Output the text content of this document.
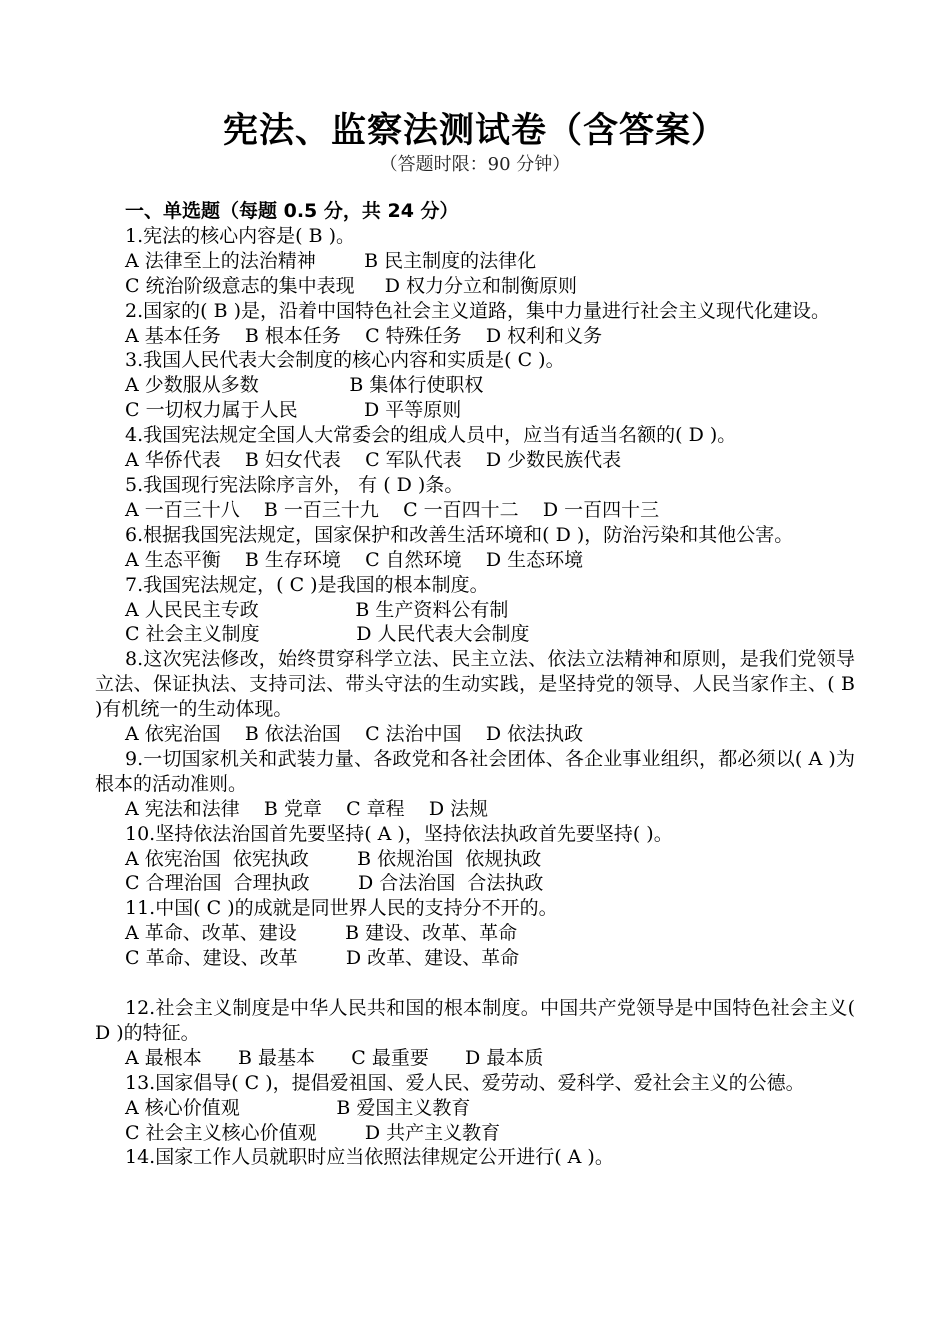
宪法、监察法测试卷（含答案）
（答题时限：90 分钟）
一、单选题（每题 0.5 分，共 24 分）

1.宪法的核心内容是( B )。

A 法律至上的法治精神        B 民主制度的法律化
C 统治阶级意志的集中表现     D 权力分立和制衡原则

2.国家的( B )是，沿着中国特色社会主义道路，集中力量进行社会主义现代化建设。

A 基本任务    B 根本任务    C 特殊任务    D 权利和义务

3.我国人民代表大会制度的核心内容和实质是( C )。

A 少数服从多数               B 集体行使职权
C 一切权力属于人民           D 平等原则

4.我国宪法规定全国人大常委会的组成人员中，应当有适当名额的( D )。

A 华侨代表    B 妇女代表    C 军队代表    D 少数民族代表

5.我国现行宪法除序言外， 有 ( D )条。

A 一百三十八    B 一百三十九    C 一百四十二    D 一百四十三

6.根据我国宪法规定，国家保护和改善生活环境和( D )，防治污染和其他公害。

A 生态平衡    B 生存环境    C 自然环境    D 生态环境

7.我国宪法规定，( C )是我国的根本制度。

A 人民民主专政                B 生产资料公有制
C 社会主义制度                D 人民代表大会制度

8.这次宪法修改，始终贯穿科学立法、民主立法、依法立法精神和原则，是我们党领导立法、保证执法、支持司法、带头守法的生动实践，是坚持党的领导、人民当家作主、( B )有机统一的生动体现。

A 依宪治国    B 依法治国    C 法治中国    D 依法执政

9.一切国家机关和武装力量、各政党和各社会团体、各企业事业组织，都必须以( A )为根本的活动准则。

A 宪法和法律    B 党章    C 章程    D 法规

10.坚持依法治国首先要坚持( A )，坚持依法执政首先要坚持( )。

A 依宪治国  依宪执政        B 依规治国  依规执政
C 合理治国  合理执政        D 合法治国  合法执政

11.中国( C )的成就是同世界人民的支持分不开的。

A 革命、改革、建设        B 建设、改革、革命
C 革命、建设、改革        D 改革、建设、革命

12.社会主义制度是中华人民共和国的根本制度。中国共产党领导是中国特色社会主义( D )的特征。

A 最根本      B 最基本      C 最重要      D 最本质

13.国家倡导( C )，提倡爱祖国、爱人民、爱劳动、爱科学、爱社会主义的公德。

A 核心价值观                B 爱国主义教育
C 社会主义核心价值观        D 共产主义教育

14.国家工作人员就职时应当依照法律规定公开进行( A )。
